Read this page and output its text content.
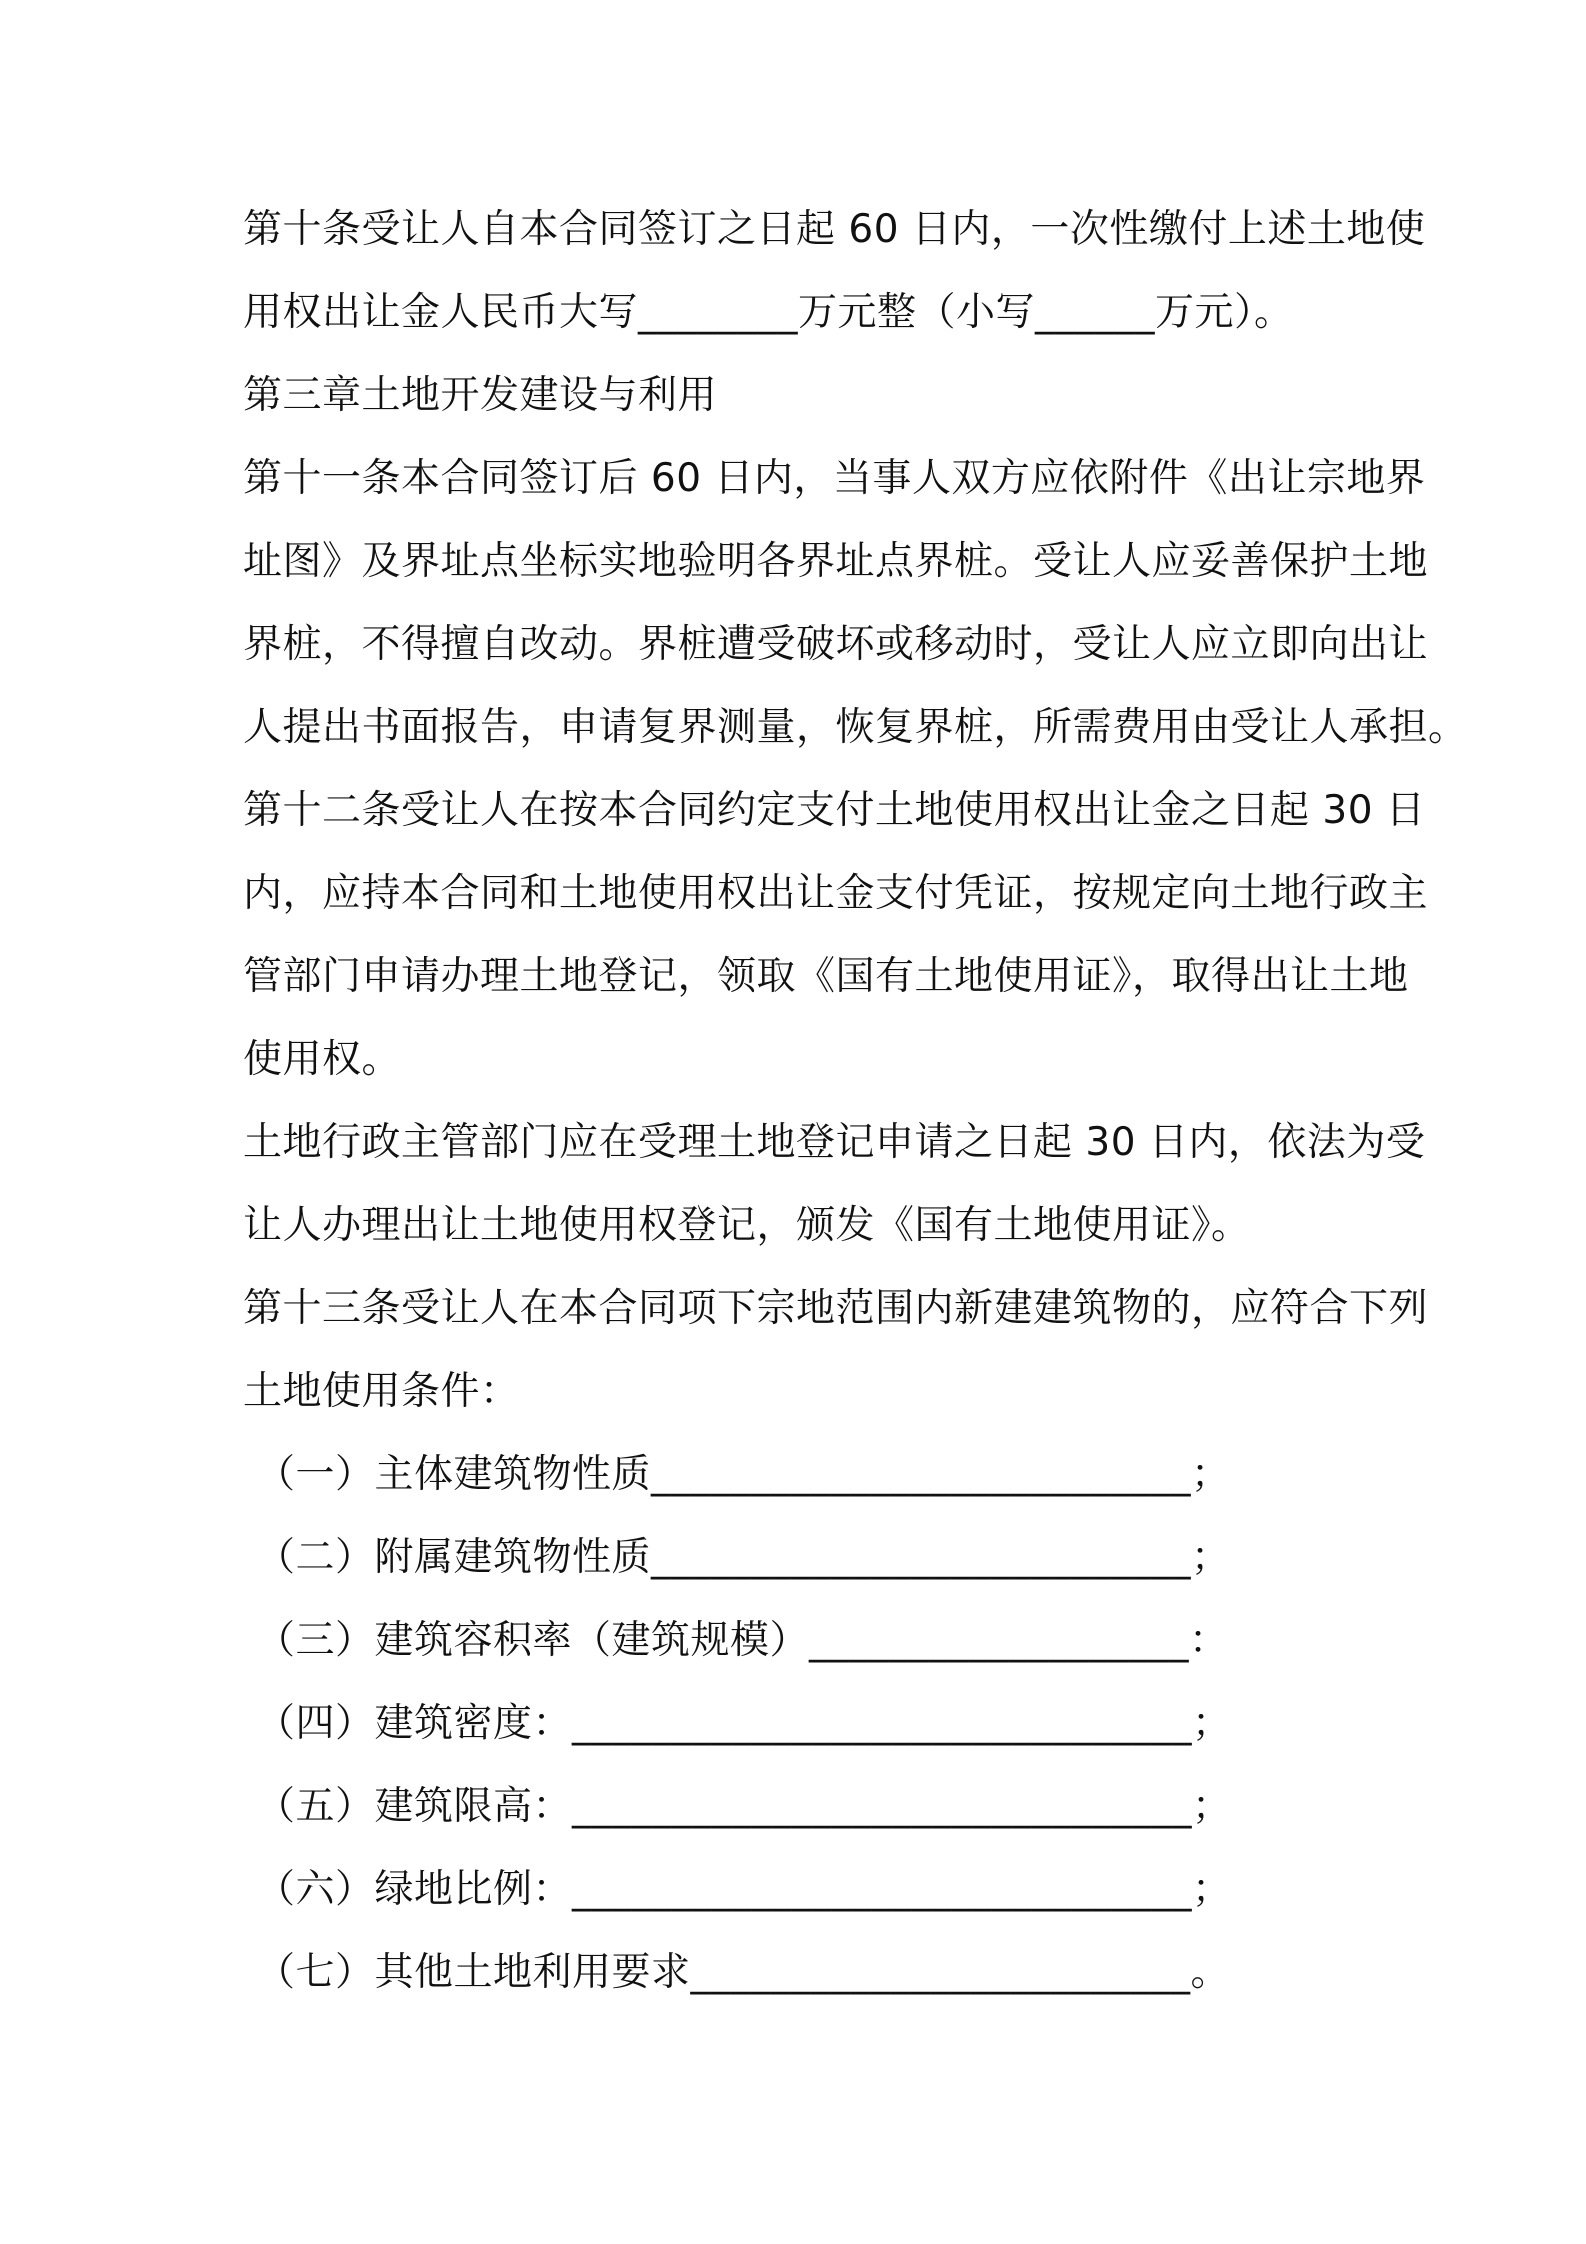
第十条受让人自本合同签订之日起 60 日内，一次性缴付上述土地使
用权出让金人民币大写________万元整（小写______万元）。
第三章土地开发建设与利用
第十一条本合同签订后 60 日内，当事人双方应依附件《出让宗地界
址图》及界址点坐标实地验明各界址点界桩。受让人应妥善保护土地
界桩，不得擅自改动。界桩遭受破坏或移动时，受让人应立即向出让
人提出书面报告，申请复界测量，恢复界桩，所需费用由受让人承担。
第十二条受让人在按本合同约定支付土地使用权出让金之日起 30 日
内，应持本合同和土地使用权出让金支付凭证，按规定向土地行政主
管部门申请办理土地登记，领取《国有土地使用证》，取得出让土地
使用权。
土地行政主管部门应在受理土地登记申请之日起 30 日内，依法为受
让人办理出让土地使用权登记，颁发《国有土地使用证》。
第十三条受让人在本合同项下宗地范围内新建建筑物的，应符合下列
土地使用条件：
（一）主体建筑物性质___________________________；
（二）附属建筑物性质___________________________；
（三）建筑容积率（建筑规模）___________________：
（四）建筑密度：_______________________________；
（五）建筑限高：_______________________________；
（六）绿地比例：_______________________________；
（七）其他土地利用要求_________________________。
